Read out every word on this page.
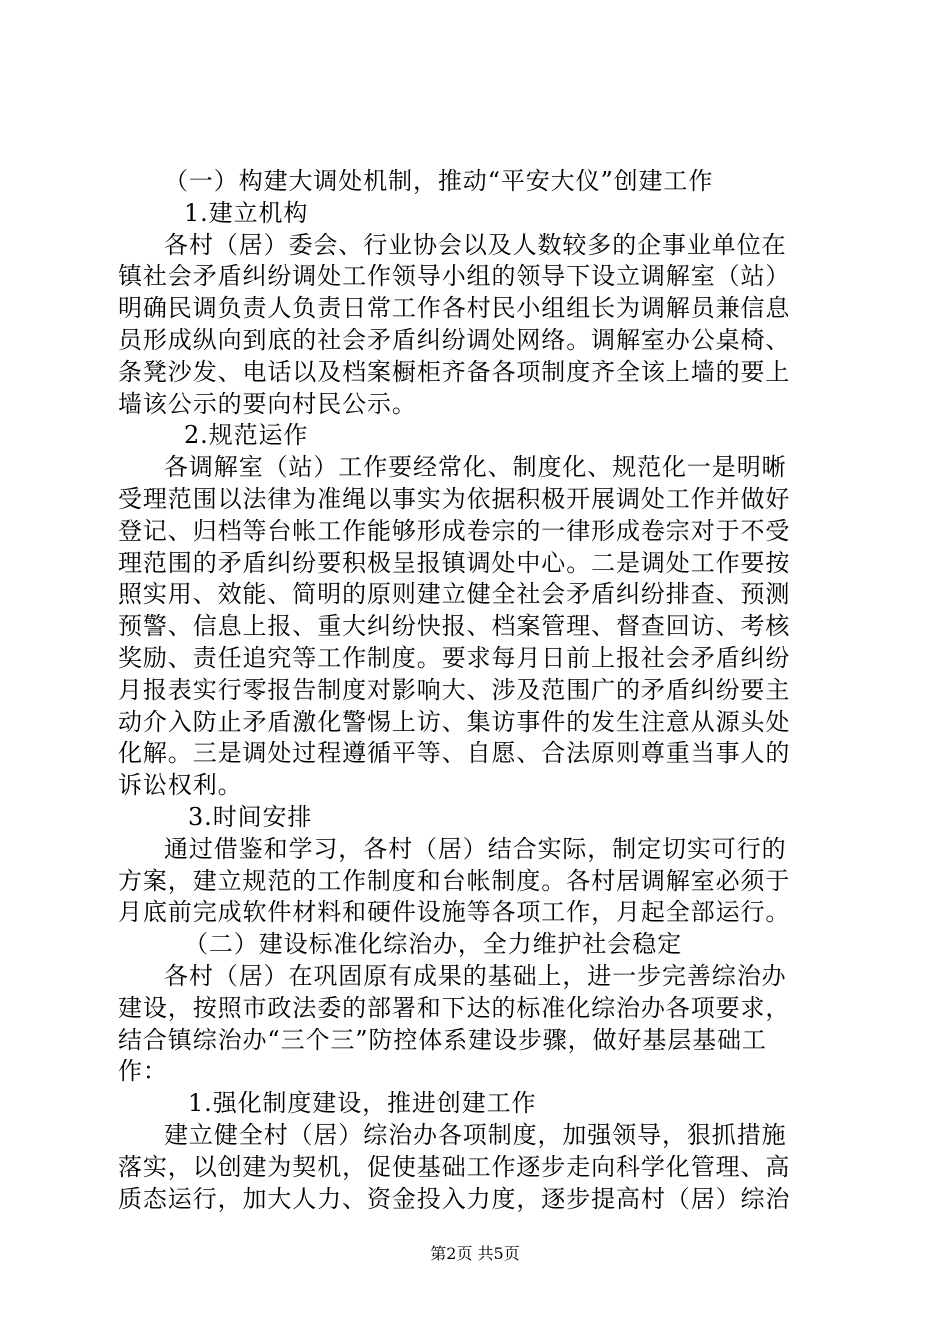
（一）构建大调处机制，推动“平安大仪”创建工作
1.建立机构
各村（居）委会、行业协会以及人数较多的企事业单位在
镇社会矛盾纠纷调处工作领导小组的领导下设立调解室（站）
明确民调负责人负责日常工作各村民小组组长为调解员兼信息
员形成纵向到底的社会矛盾纠纷调处网络。调解室办公桌椅、
条凳沙发、电话以及档案橱柜齐备各项制度齐全该上墙的要上
墙该公示的要向村民公示。
2.规范运作
各调解室（站）工作要经常化、制度化、规范化一是明晰
受理范围以法律为准绳以事实为依据积极开展调处工作并做好
登记、归档等台帐工作能够形成卷宗的一律形成卷宗对于不受
理范围的矛盾纠纷要积极呈报镇调处中心。二是调处工作要按
照实用、效能、简明的原则建立健全社会矛盾纠纷排查、预测
预警、信息上报、重大纠纷快报、档案管理、督查回访、考核
奖励、责任追究等工作制度。要求每月日前上报社会矛盾纠纷
月报表实行零报告制度对影响大、涉及范围广的矛盾纠纷要主
动介入防止矛盾激化警惕上访、集访事件的发生注意从源头处
化解。三是调处过程遵循平等、自愿、合法原则尊重当事人的
诉讼权利。
3.时间安排
通过借鉴和学习，各村（居）结合实际，制定切实可行的
方案，建立规范的工作制度和台帐制度。各村居调解室必须于
月底前完成软件材料和硬件设施等各项工作，月起全部运行。
（二）建设标准化综治办，全力维护社会稳定
各村（居）在巩固原有成果的基础上，进一步完善综治办
建设，按照市政法委的部署和下达的标准化综治办各项要求，
结合镇综治办“三个三”防控体系建设步骤，做好基层基础工
作：
1.强化制度建设，推进创建工作
建立健全村（居）综治办各项制度，加强领导，狠抓措施
落实，以创建为契机，促使基础工作逐步走向科学化管理、高
质态运行，加大人力、资金投入力度，逐步提高村（居）综治
第2页 共5页
